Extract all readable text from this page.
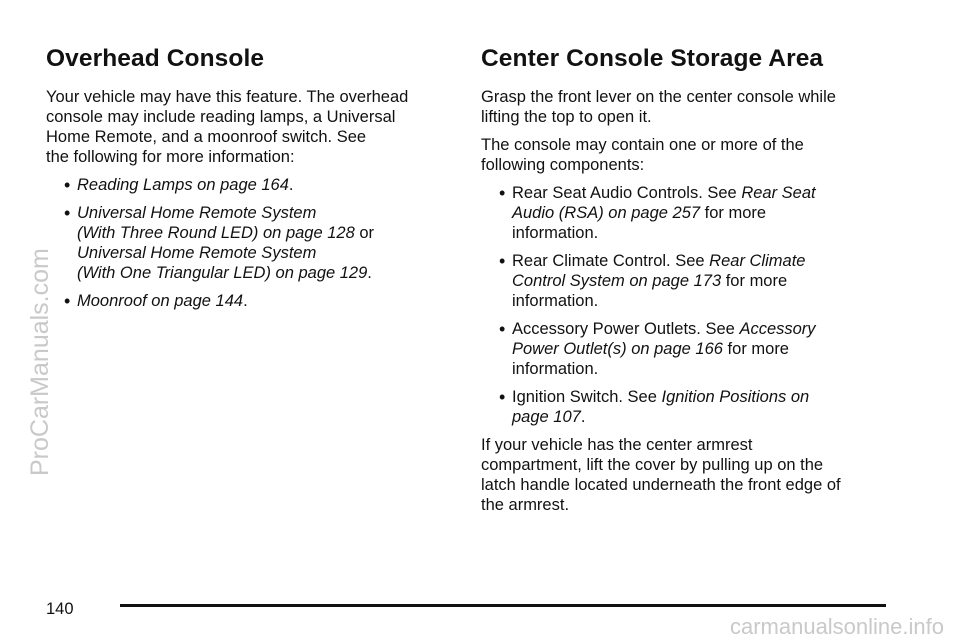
ProCarManuals.com
Overhead Console

Your vehicle may have this feature. The overhead
console may include reading lamps, a Universal
Home Remote, and a moonroof switch. See
the following for more information:

• Reading Lamps on page 164.
• Universal Home Remote System
(With Three Round LED) on page 128 or
Universal Home Remote System
(With One Triangular LED) on page 129.
• Moonroof on page 144.
Center Console Storage Area

Grasp the front lever on the center console while
lifting the top to open it.

The console may contain one or more of the
following components:

• Rear Seat Audio Controls. See Rear Seat
Audio (RSA) on page 257 for more
information.
• Rear Climate Control. See Rear Climate
Control System on page 173 for more
information.
• Accessory Power Outlets. See Accessory
Power Outlet(s) on page 166 for more
information.
• Ignition Switch. See Ignition Positions on
page 107.

If your vehicle has the center armrest
compartment, lift the cover by pulling up on the
latch handle located underneath the front edge of
the armrest.

140
carmanualsonline.info
